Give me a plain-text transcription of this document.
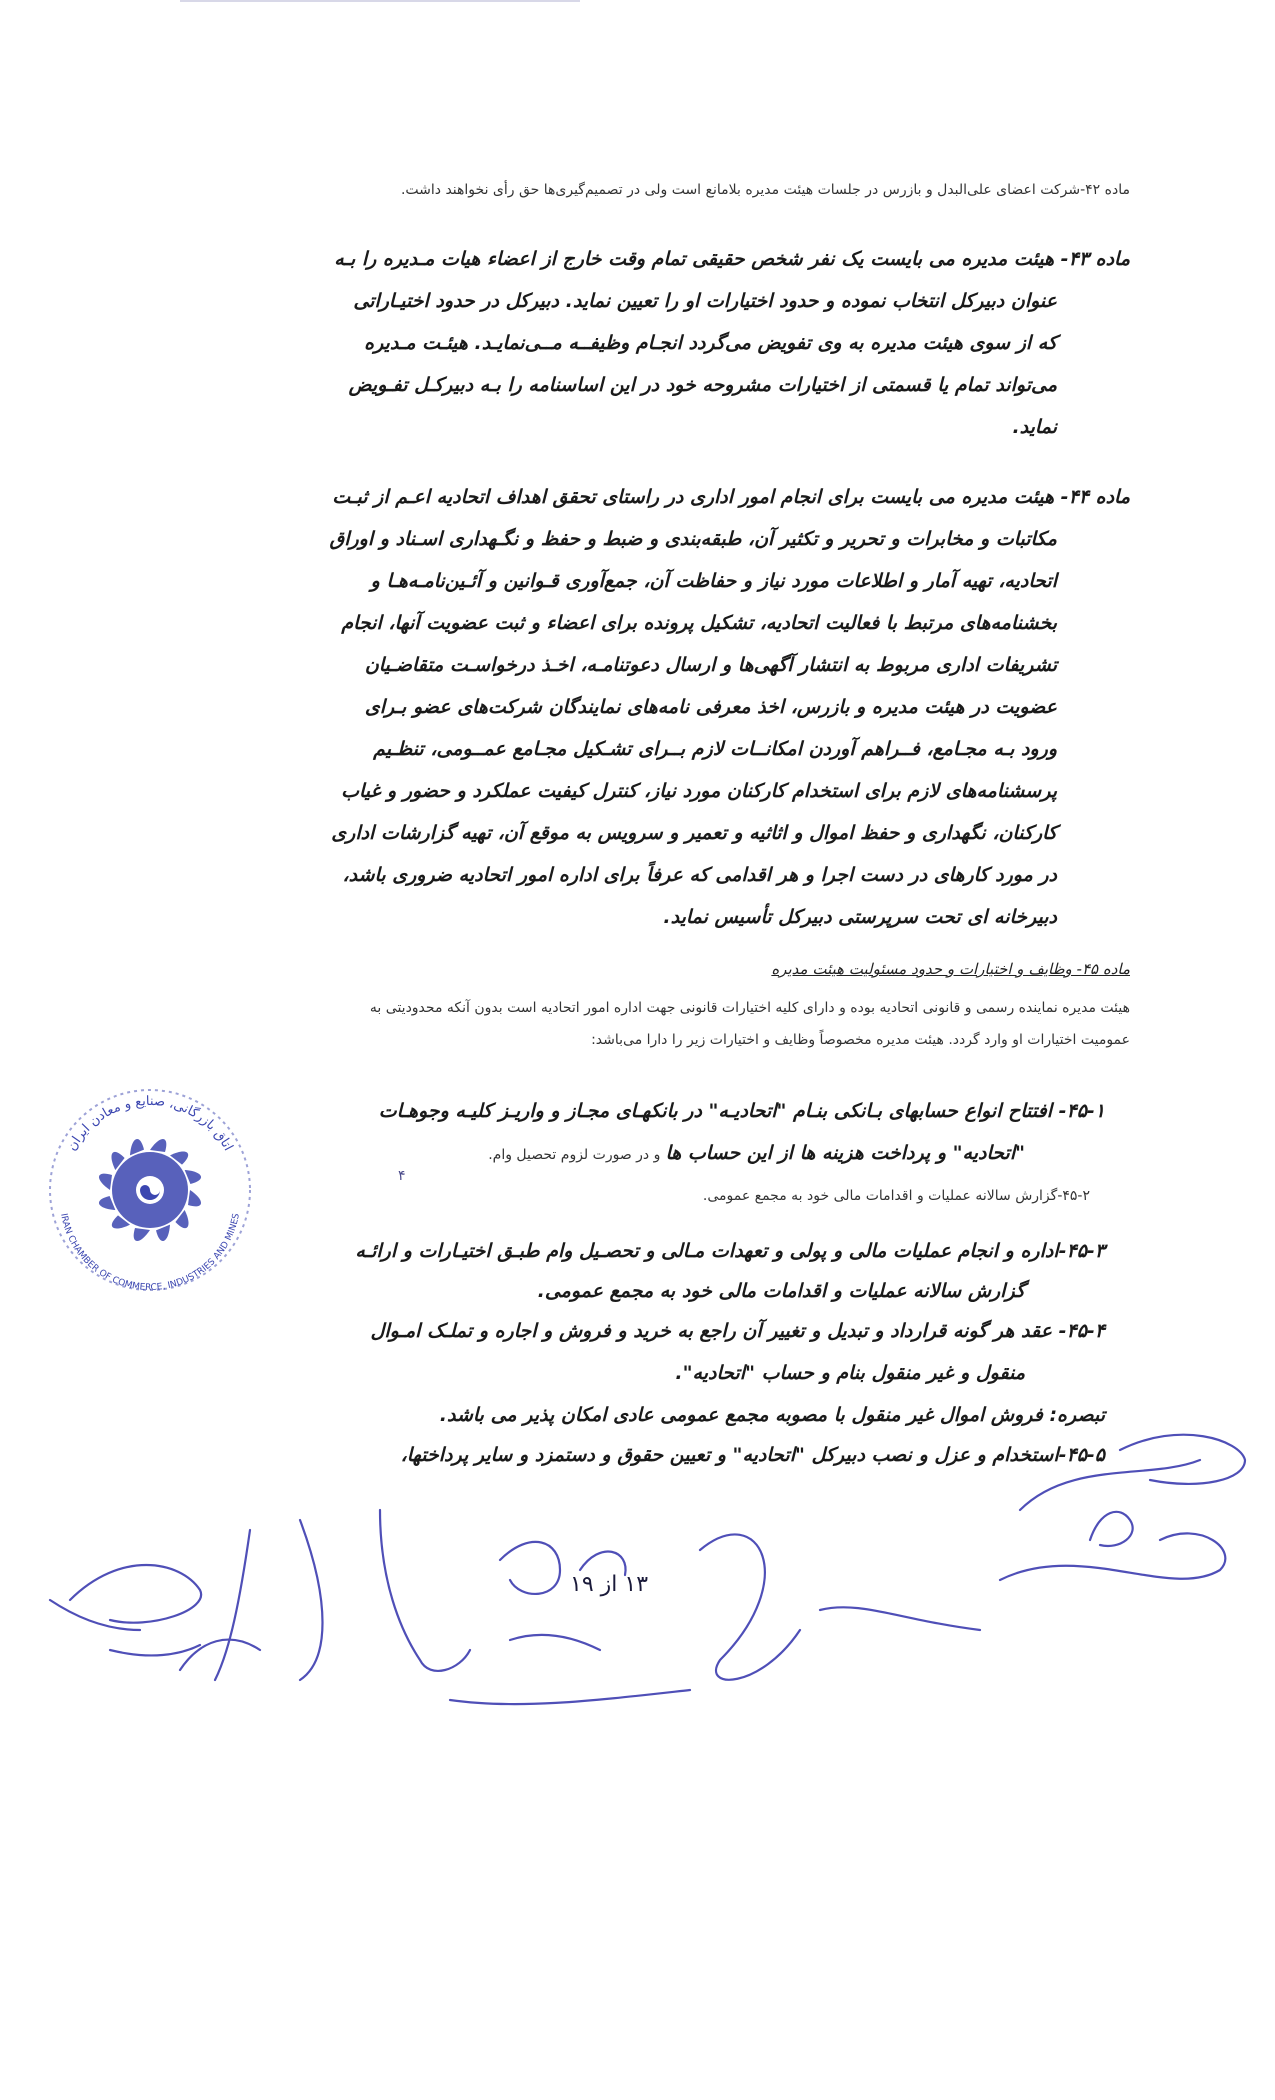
ماده ۴۲-شرکت اعضای علی‌البدل و بازرس در جلسات هیئت مدیره بلامانع است ولی در تصمیم‌گیری‌ها حق رأی نخواهند داشت.

ماده ۴۳- هیئت مدیره می بایست یک نفر شخص حقیقی تمام وقت خارج از اعضاء هیات مـدیره را بـه

عنوان دبیرکل انتخاب نموده و حدود اختیارات او را تعیین نماید. دبیرکل در حدود اختیـاراتی

که از سوی هیئت مدیره به وی تفویض می‌گردد انجـام وظیفــه مــی‌نمایـد. هیئـت مـدیره

می‌تواند تمام یا قسمتی از اختیارات مشروحه خود در این اساسنامه را بـه دبیرکـل تفـویض

نماید.

ماده ۴۴- هیئت مدیره می بایست برای انجام امور اداری در راستای تحقق اهداف اتحادیه اعـم از ثبـت

مکاتبات و مخابرات و تحریر و تکثیر آن، طبقه‌بندی و ضبط و حفظ و نگـهداری اسـناد و اوراق

اتحادیه، تهیه آمار و اطلاعات مورد نیاز و حفاظت آن، جمع‌آوری قـوانین و آئـین‌نامـه‌هـا و

بخشنامه‌های مرتبط با فعالیت اتحادیه، تشکیل پرونده برای اعضاء و ثبت عضویت آنها، انجام

تشریفات اداری مربوط به انتشار آگهی‌ها و ارسال دعوتنامـه، اخـذ درخواسـت متقاضـیان

عضویت در هیئت مدیره و بازرس، اخذ معرفی نامه‌های نمایندگان شرکت‌های عضو بـرای

ورود بـه مجـامع، فــراهم آوردن امکانــات لازم بــرای تشـکیل مجـامع عمــومی، تنظـیم

پرسشنامه‌های لازم برای استخدام کارکنان مورد نیاز، کنترل کیفیت عملکرد و حضور و غیاب

کارکنان، نگهداری و حفظ اموال و اثاثیه و تعمیر و سرویس به موقع آن، تهیه گزارشات اداری

در مورد کارهای در دست اجرا و هر اقدامی که عرفاً برای اداره امور اتحادیه ضروری باشد،

دبیرخانه ای تحت سرپرستی دبیرکل تأسیس نماید.

ماده ۴۵- وظایف و اختیارات و حدود مسئولیت هیئت مدیره

هیئت مدیره نماینده رسمی و قانونی اتحادیه بوده و دارای کلیه اختیارات قانونی جهت اداره امور اتحادیه است بدون آنکه محدودیتی به

عمومیت اختیارات او وارد گردد. هیئت مدیره مخصوصاً وظایف و اختیارات زیر را دارا می‌باشد:

۴۵-۱- افتتاح انواع حسابهای بـانکی بنـام "اتحادیـه" در بانکهـای مجـاز و واریـز کلیـه وجوهـات

"اتحادیه" و پرداخت هزینه ها از این حساب ها و در صورت لزوم تحصیل وام.

۴۵-۲-گزارش سالانه عملیات و اقدامات مالی خود به مجمع عمومی.

۴۵-۳-اداره و انجام عملیات مالی و پولی و تعهدات مـالی و تحصـیل وام طبـق اختیـارات و ارائـه

گزارش سالانه عملیات و اقدامات مالی خود به مجمع عمومی.

۴۵-۴- عقد هر گونه قرارداد و تبدیل و تغییر آن راجع به خرید و فروش و اجاره و تملـک امـوال

منقول و غیر منقول بنام و حساب "اتحادیه".

تبصره: فروش اموال غیر منقول با مصوبه مجمع عمومی عادی امکان پذیر می باشد.

۴۵-۵-استخدام و عزل و نصب دبیرکل "اتحادیه" و تعیین حقوق و دستمزد و سایر پرداختها،

اتاق بازرگانی، صنایع و معادن ایران
IRAN CHAMBER OF COMMERCE, INDUSTRIES AND MINES
۱۳ از ۱۹
۴
